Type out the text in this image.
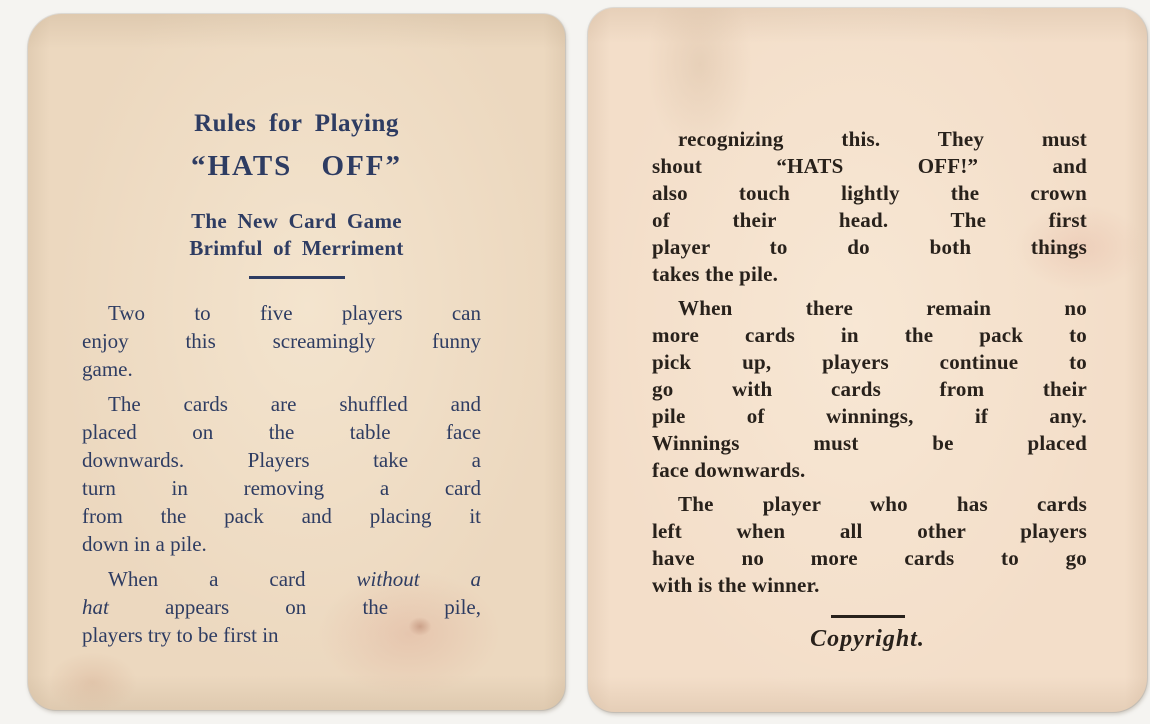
Rules for Playing
“HATS OFF”
The New Card Game
Brimful of Merriment
Two to five players can
enjoy this screamingly funny
game.
The cards are shuffled and
placed on the table face
downwards. Players take a
turn in removing a card
from the pack and placing it
down in a pile.
When a card without a
hat appears on the pile,
players try to be first in
recognizing this. They must
shout “HATS OFF!” and
also touch lightly the crown
of their head. The first
player to do both things
takes the pile.
When there remain no
more cards in the pack to
pick up, players continue to
go with cards from their
pile of winnings, if any.
Winnings must be placed
face downwards.
The player who has cards
left when all other players
have no more cards to go
with is the winner.
Copyright.
